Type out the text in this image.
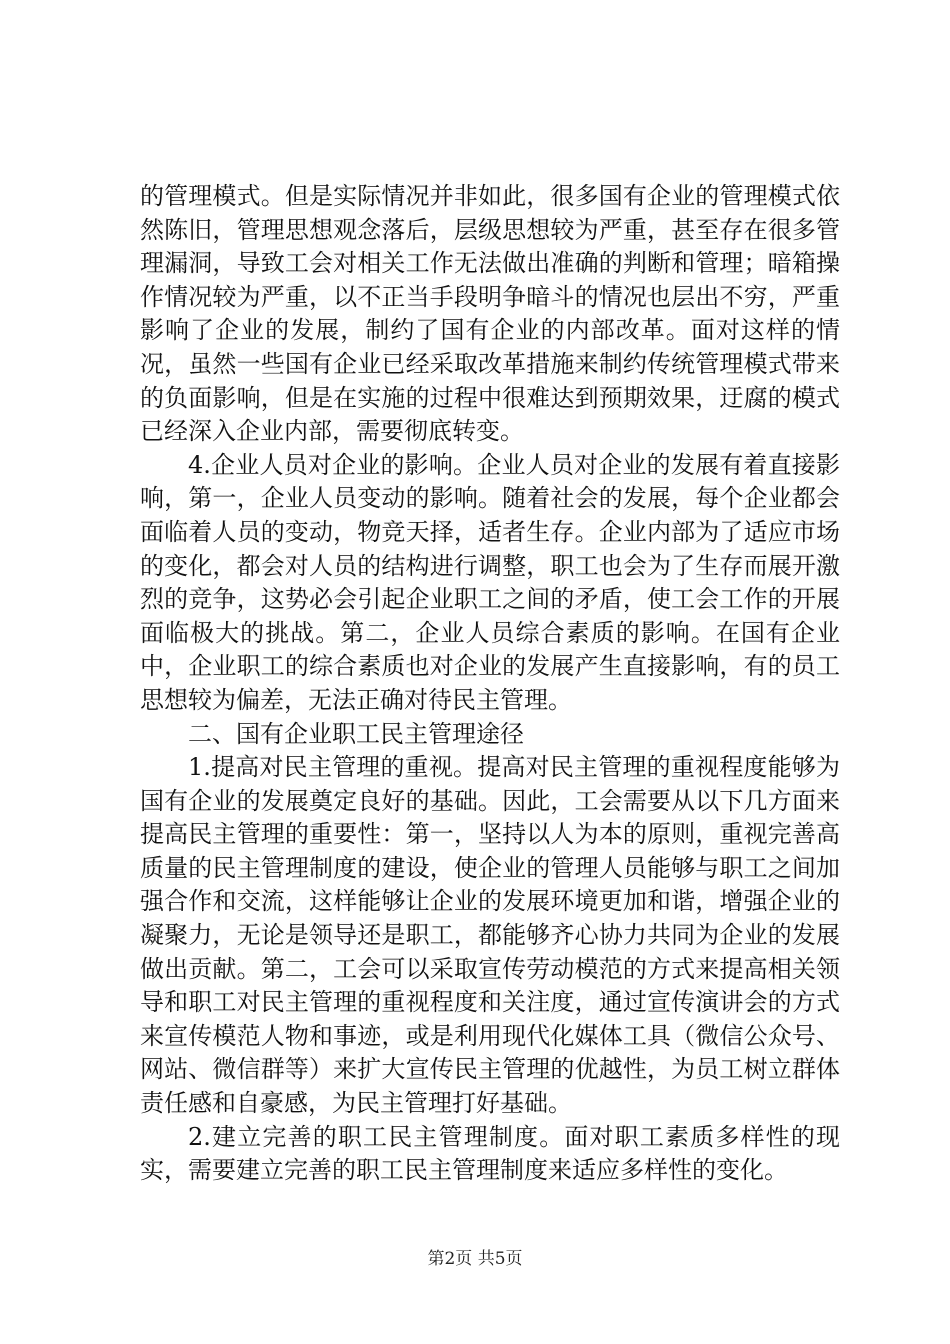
的管理模式。但是实际情况并非如此，很多国有企业的管理模式依然陈旧，管理思想观念落后，层级思想较为严重，甚至存在很多管理漏洞，导致工会对相关工作无法做出准确的判断和管理；暗箱操作情况较为严重，以不正当手段明争暗斗的情况也层出不穷，严重影响了企业的发展，制约了国有企业的内部改革。面对这样的情况，虽然一些国有企业已经采取改革措施来制约传统管理模式带来的负面影响，但是在实施的过程中很难达到预期效果，迂腐的模式已经深入企业内部，需要彻底转变。

4.企业人员对企业的影响。企业人员对企业的发展有着直接影响，第一，企业人员变动的影响。随着社会的发展，每个企业都会面临着人员的变动，物竞天择，适者生存。企业内部为了适应市场的变化，都会对人员的结构进行调整，职工也会为了生存而展开激烈的竞争，这势必会引起企业职工之间的矛盾，使工会工作的开展面临极大的挑战。第二，企业人员综合素质的影响。在国有企业中，企业职工的综合素质也对企业的发展产生直接影响，有的员工思想较为偏差，无法正确对待民主管理。

二、国有企业职工民主管理途径

1.提高对民主管理的重视。提高对民主管理的重视程度能够为国有企业的发展奠定良好的基础。因此，工会需要从以下几方面来提高民主管理的重要性：第一，坚持以人为本的原则，重视完善高质量的民主管理制度的建设，使企业的管理人员能够与职工之间加强合作和交流，这样能够让企业的发展环境更加和谐，增强企业的凝聚力，无论是领导还是职工，都能够齐心协力共同为企业的发展做出贡献。第二，工会可以采取宣传劳动模范的方式来提高相关领导和职工对民主管理的重视程度和关注度，通过宣传演讲会的方式来宣传模范人物和事迹，或是利用现代化媒体工具（微信公众号、网站、微信群等）来扩大宣传民主管理的优越性，为员工树立群体责任感和自豪感，为民主管理打好基础。

2.建立完善的职工民主管理制度。面对职工素质多样性的现实，需要建立完善的职工民主管理制度来适应多样性的变化。

第2页 共5页
